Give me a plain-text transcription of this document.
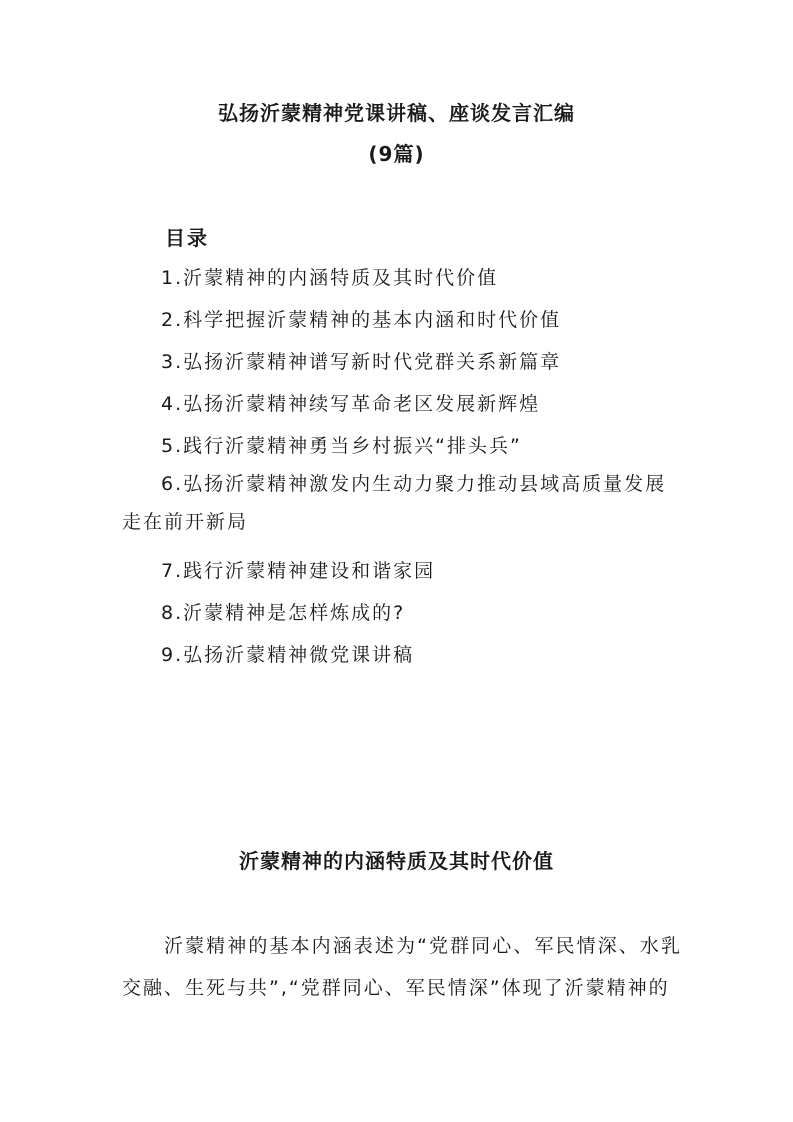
弘扬沂蒙精神党课讲稿、座谈发言汇编
(9篇)
目录
1.沂蒙精神的内涵特质及其时代价值
2.科学把握沂蒙精神的基本内涵和时代价值
3.弘扬沂蒙精神谱写新时代党群关系新篇章
4.弘扬沂蒙精神续写革命老区发展新辉煌
5.践行沂蒙精神勇当乡村振兴“排头兵”
6.弘扬沂蒙精神激发内生动力聚力推动县域高质量发展走在前开新局
7.践行沂蒙精神建设和谐家园
8.沂蒙精神是怎样炼成的?
9.弘扬沂蒙精神微党课讲稿
沂蒙精神的内涵特质及其时代价值
沂蒙精神的基本内涵表述为“党群同心、军民情深、水乳交融、生死与共”,“党群同心、军民情深”体现了沂蒙精神的
